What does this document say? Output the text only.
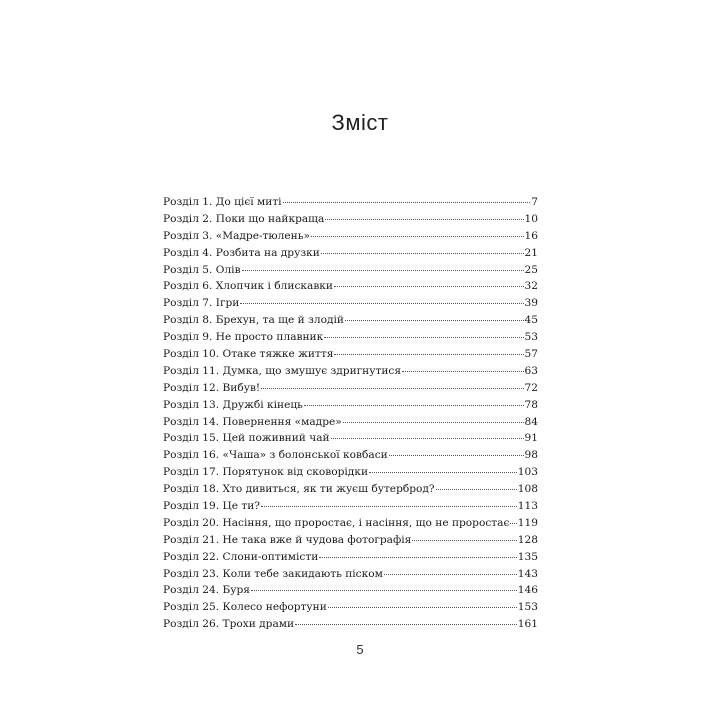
Зміст
Розділ 1. До цієї миті	7
Розділ 2. Поки що найкраща	10
Розділ 3. «Мадре-тюлень»	16
Розділ 4. Розбита на друзки	21
Розділ 5. Олів	25
Розділ 6. Хлопчик і блискавки	32
Розділ 7. Ігри	39
Розділ 8. Брехун, та ще й злодій	45
Розділ 9. Не просто плавник	53
Розділ 10. Отаке тяжке життя	57
Розділ 11. Думка, що змушує здригнутися	63
Розділ 12. Вибув!	72
Розділ 13. Дружбі кінець	78
Розділ 14. Повернення «мадре»	84
Розділ 15. Цей поживний чай	91
Розділ 16. «Чаша» з болонської ковбаси	98
Розділ 17. Порятунок від сковорідки	103
Розділ 18. Хто дивиться, як ти жуєш бутерброд?	108
Розділ 19. Це ти?	113
Розділ 20. Насіння, що проростає, і насіння, що не проростає 119
Розділ 21. Не така вже й чудова фотографія	128
Розділ 22. Слони-оптимісти	135
Розділ 23. Коли тебе закидають піском	143
Розділ 24. Буря	146
Розділ 25. Колесо нефортуни	153
Розділ 26. Трохи драми	161
5
